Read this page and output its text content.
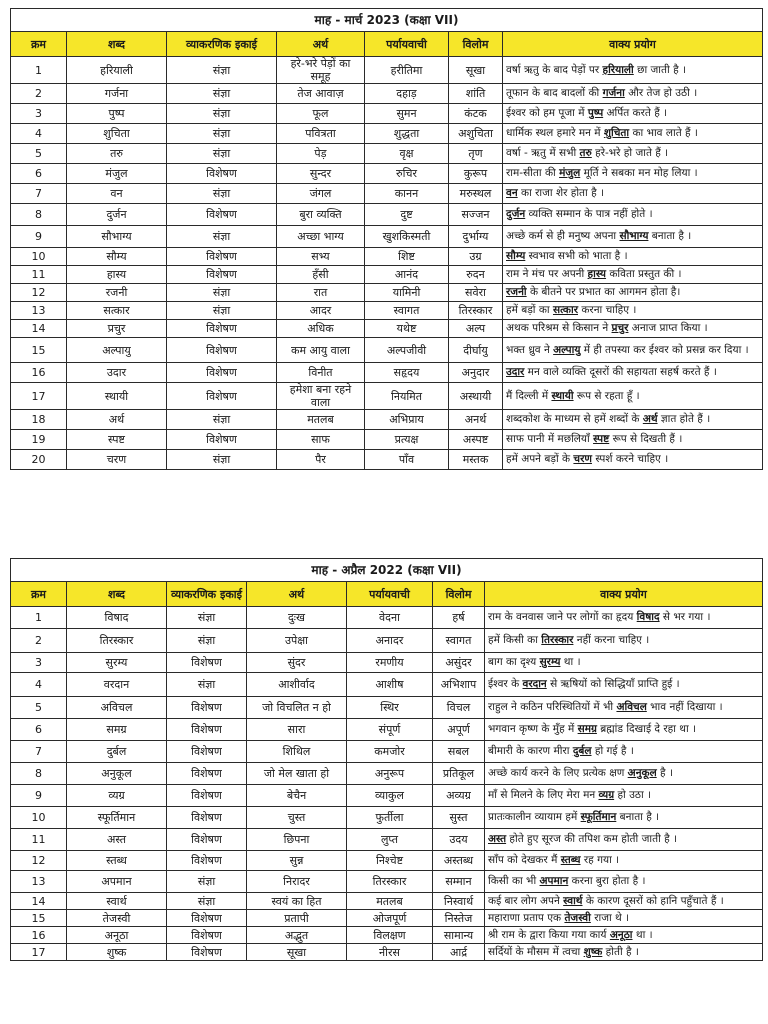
माह - मार्च 2023 (कक्षा VII)						
क्रम	शब्द	व्याकरणिक इकाई	अर्थ	पर्यायवाची	विलोम	वाक्य प्रयोग
1	हरियाली	संज्ञा	हरे-भरे पेड़ों का समूह	हरीतिमा	सूखा	वर्षा ऋतु के बाद पेड़ों पर हरियाली छा जाती है ।
2	गर्जना	संज्ञा	तेज आवाज़	दहाड़	शांति	तूफान के बाद बादलों की गर्जना और तेज हो उठी ।
3	पुष्प	संज्ञा	फूल	सुमन	कंटक	ईश्वर को हम पूजा में पुष्प अर्पित करते हैं ।
4	शुचिता	संज्ञा	पवित्रता	शुद्धता	अशुचिता	धार्मिक स्थल हमारे मन में शुचिता का भाव लाते हैं ।
5	तरु	संज्ञा	पेड़	वृक्ष	तृण	वर्षा - ऋतु में सभी तरु हरे-भरे हो जाते हैं ।
6	मंजुल	विशेषण	सुन्दर	रुचिर	कुरूप	राम-सीता की मंजुल मूर्ति ने सबका मन मोह लिया ।
7	वन	संज्ञा	जंगल	कानन	मरुस्थल	वन का राजा शेर होता है ।
8	दुर्जन	विशेषण	बुरा व्यक्ति	दुष्ट	सज्जन	दुर्जन व्यक्ति सम्मान के पात्र नहीं होते ।
9	सौभाग्य	संज्ञा	अच्छा भाग्य	खुशकिस्मती	दुर्भाग्य	अच्छे कर्म से ही मनुष्य अपना सौभाग्य बनाता है ।
10	सौम्य	विशेषण	सभ्य	शिष्ट	उग्र	सौम्य स्वभाव सभी को भाता है ।
11	हास्य	विशेषण	हँसी	आनंद	रुदन	राम ने मंच पर अपनी हास्य कविता प्रस्तुत की ।
12	रजनी	संज्ञा	रात	यामिनी	सवेरा	रजनी के बीतने पर प्रभात का आगमन होता है।
13	सत्कार	संज्ञा	आदर	स्वागत	तिरस्कार	हमें बड़ों का सत्कार करना चाहिए ।
14	प्रचुर	विशेषण	अधिक	यथेष्ट	अल्प	अथक परिश्रम से किसान ने प्रचुर अनाज प्राप्त किया ।
15	अल्पायु	विशेषण	कम आयु वाला	अल्पजीवी	दीर्घायु	भक्त ध्रुव ने अल्पायु में ही तपस्या कर ईश्वर को प्रसन्न कर दिया ।
16	उदार	विशेषण	विनीत	सहृदय	अनुदार	उदार मन वाले व्यक्ति दूसरों की सहायता सहर्ष करते हैं ।
17	स्थायी	विशेषण	हमेशा बना रहने वाला	नियमित	अस्थायी	मैं दिल्ली में स्थायी रूप से रहता हूँ ।
18	अर्थ	संज्ञा	मतलब	अभिप्राय	अनर्थ	शब्दकोश के माध्यम से हमें शब्दों के अर्थ ज्ञात होते हैं ।
19	स्पष्ट	विशेषण	साफ	प्रत्यक्ष	अस्पष्ट	साफ पानी में मछलियाँ स्पष्ट रूप से दिखती हैं ।
20	चरण	संज्ञा	पैर	पाँव	मस्तक	हमें अपने बड़ों के चरण स्पर्श करने चाहिए ।
माह - अप्रैल 2022 (कक्षा VII)						
क्रम	शब्द	व्याकरणिक इकाई	अर्थ	पर्यायवाची	विलोम	वाक्य प्रयोग
1	विषाद	संज्ञा	दुःख	वेदना	हर्ष	राम के वनवास जाने पर लोगों का हृदय विषाद से भर गया ।
2	तिरस्कार	संज्ञा	उपेक्षा	अनादर	स्वागत	हमें किसी का तिरस्कार नहीं करना चाहिए ।
3	सुरम्य	विशेषण	सुंदर	रमणीय	असुंदर	बाग का दृश्य सुरम्य था ।
4	वरदान	संज्ञा	आशीर्वाद	आशीष	अभिशाप	ईश्वर के वरदान से ऋषियों को सिद्धियाँ प्राप्ति हुई ।
5	अविचल	विशेषण	जो विचलित न हो	स्थिर	विचल	राहुल ने कठिन परिस्थितियों में भी अविचल भाव नहीं दिखाया ।
6	समग्र	विशेषण	सारा	संपूर्ण	अपूर्ण	भगवान कृष्ण के मुँह में समग्र ब्रह्मांड दिखाई दे रहा था ।
7	दुर्बल	विशेषण	शिथिल	कमजोर	सबल	बीमारी के कारण मीरा दुर्बल हो गई है ।
8	अनुकूल	विशेषण	जो मेल खाता हो	अनुरूप	प्रतिकूल	अच्छे कार्य करने के लिए प्रत्येक क्षण अनुकूल है ।
9	व्यग्र	विशेषण	बेचैन	व्याकुल	अव्यग्र	माँ से मिलने के लिए मेरा मन व्यग्र हो उठा ।
10	स्फूर्तिमान	विशेषण	चुस्त	फुर्तीला	सुस्त	प्रातःकालीन व्यायाम हमें स्फूर्तिमान बनाता है ।
11	अस्त	विशेषण	छिपना	लुप्त	उदय	अस्त होते हुए सूरज की तपिश कम होती जाती है ।
12	स्तब्ध	विशेषण	सुन्न	निश्चेष्ट	अस्तब्ध	साँप को देखकर मैं स्तब्ध रह गया ।
13	अपमान	संज्ञा	निरादर	तिरस्कार	सम्मान	किसी का भी अपमान करना बुरा होता है ।
14	स्वार्थ	संज्ञा	स्वयं का हित	मतलब	निस्वार्थ	कई बार लोग अपने स्वार्थ के कारण दूसरों को हानि पहुँचाते हैं ।
15	तेजस्वी	विशेषण	प्रतापी	ओजपूर्ण	निस्तेज	महाराणा प्रताप एक तेजस्वी राजा थे ।
16	अनूठा	विशेषण	अद्भुत	विलक्षण	सामान्य	श्री राम के द्वारा किया गया कार्य अनूठा था ।
17	शुष्क	विशेषण	सूखा	नीरस	आर्द्र	सर्दियों के मौसम में त्वचा शुष्क होती है ।
